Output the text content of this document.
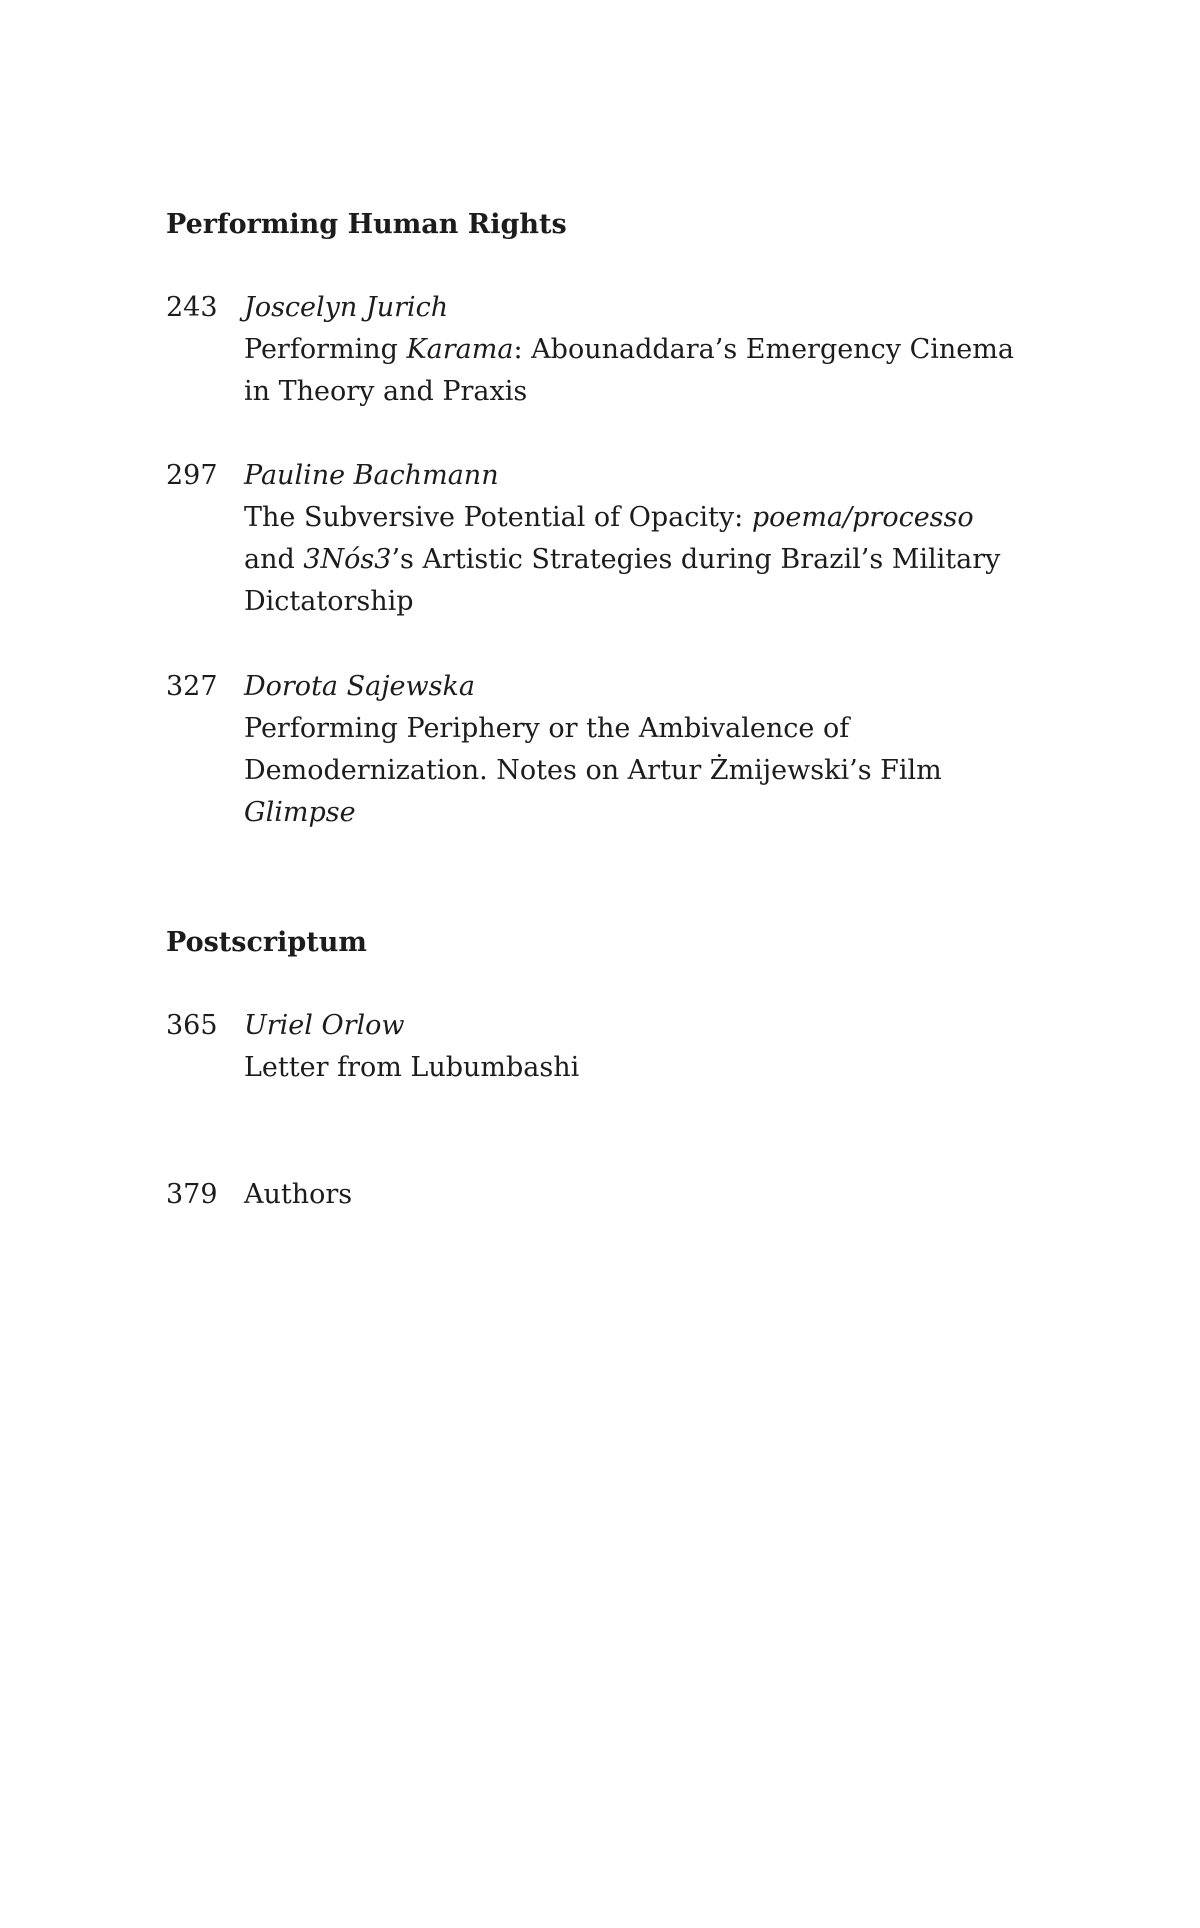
Performing Human Rights
243 Joscelyn Jurich
Performing Karama: Abounaddara’s Emergency Cinema
in Theory and Praxis
297 Pauline Bachmann
The Subversive Potential of Opacity: poema/processo
and 3Nós3’s Artistic Strategies during Brazil’s Military
Dictatorship
327 Dorota Sajewska
Performing Periphery or the Ambivalence of
Demodernization. Notes on Artur Żmijewski’s Film
Glimpse
Postscriptum
365 Uriel Orlow
Letter from Lubumbashi
379 Authors
